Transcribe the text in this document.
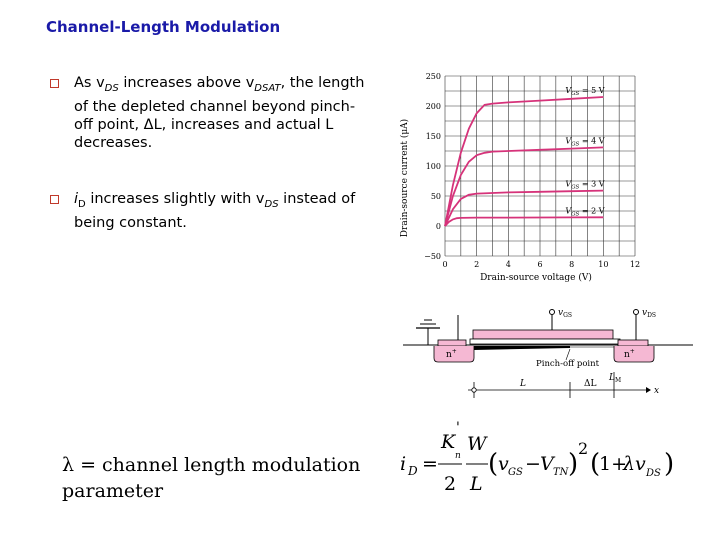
Channel-Length Modulation
As $v_{DS}$ increases above $v_{DSAT}$, the length of the depleted channel beyond pinch-off point, ΔL, increases and actual L decreases.
$i_D$ increases slightly with $v_{DS}$ instead of being constant.
0	2	4	6	8	10	12
−50
0
50
100
150
200
250
$V_{GS} = 5$ V
$V_{GS} = 4$ V
$V_{GS} = 3$ V
$V_{GS} = 2$ V
Drain-source voltage (V)
Drain-source current (μA)
$v_{GS}$	$v_{DS}$
n+	n+
Pinch-off point
x
L	ΔL
$L_M$
λ = channel length modulation parameter
i D =
K
'
n
2
W
L
( v GS − V TN )
2
(
1+
λv DS )
